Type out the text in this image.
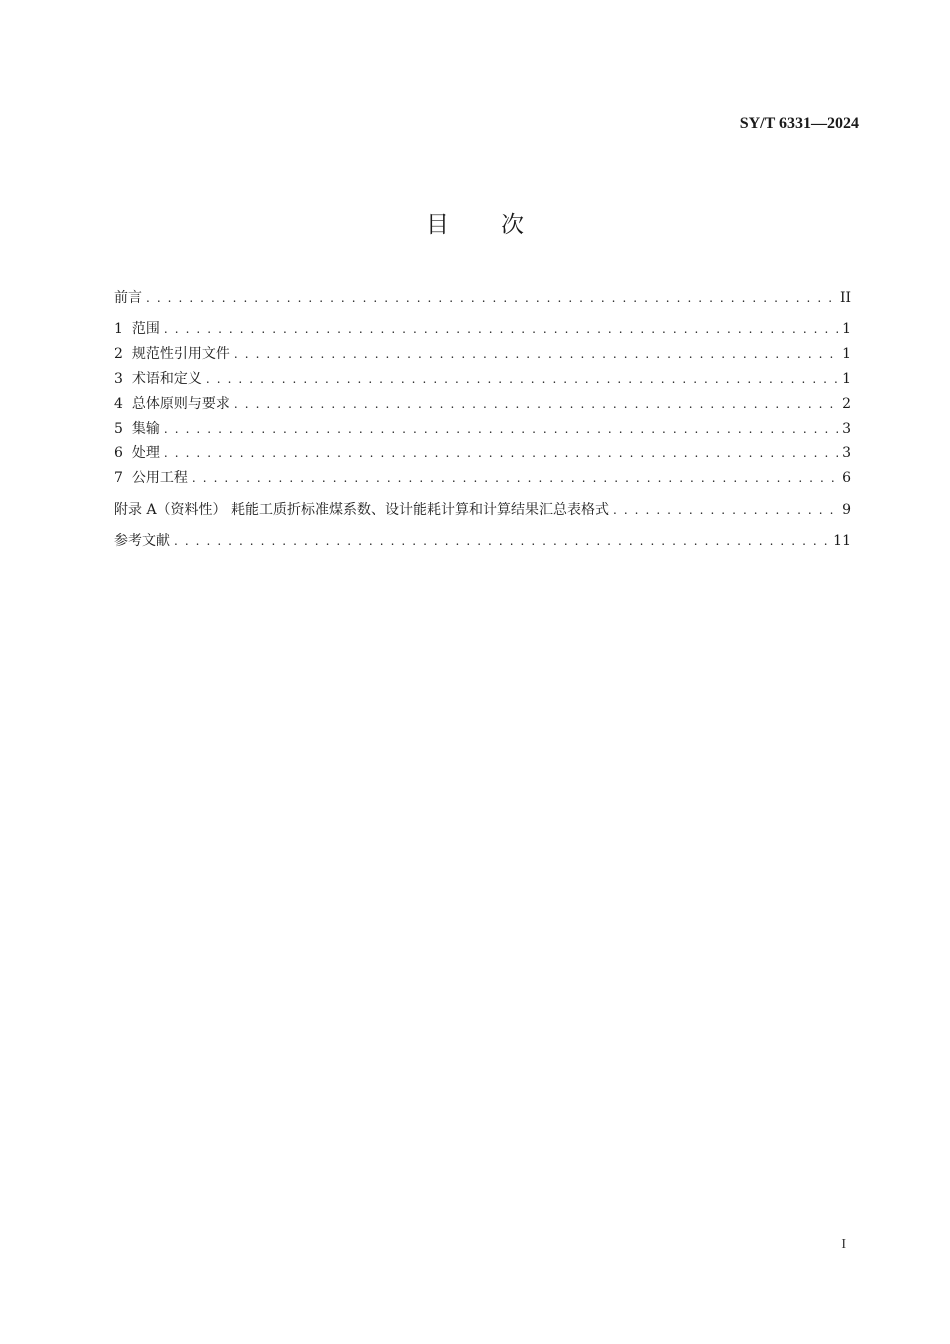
SY/T 6331—2024
目 次
前言 . . .	II
1 范围 . . .	1
2 规范性引用文件 . . .	1
3 术语和定义 . . .	1
4 总体原则与要求 . . .	2
5 集输 . . .	3
6 处理 . . .	3
7 公用工程 . . .	6
附录 A（资料性） 耗能工质折标准煤系数、设计能耗计算和计算结果汇总表格式 . . .	9
参考文献 . . .	11
I
